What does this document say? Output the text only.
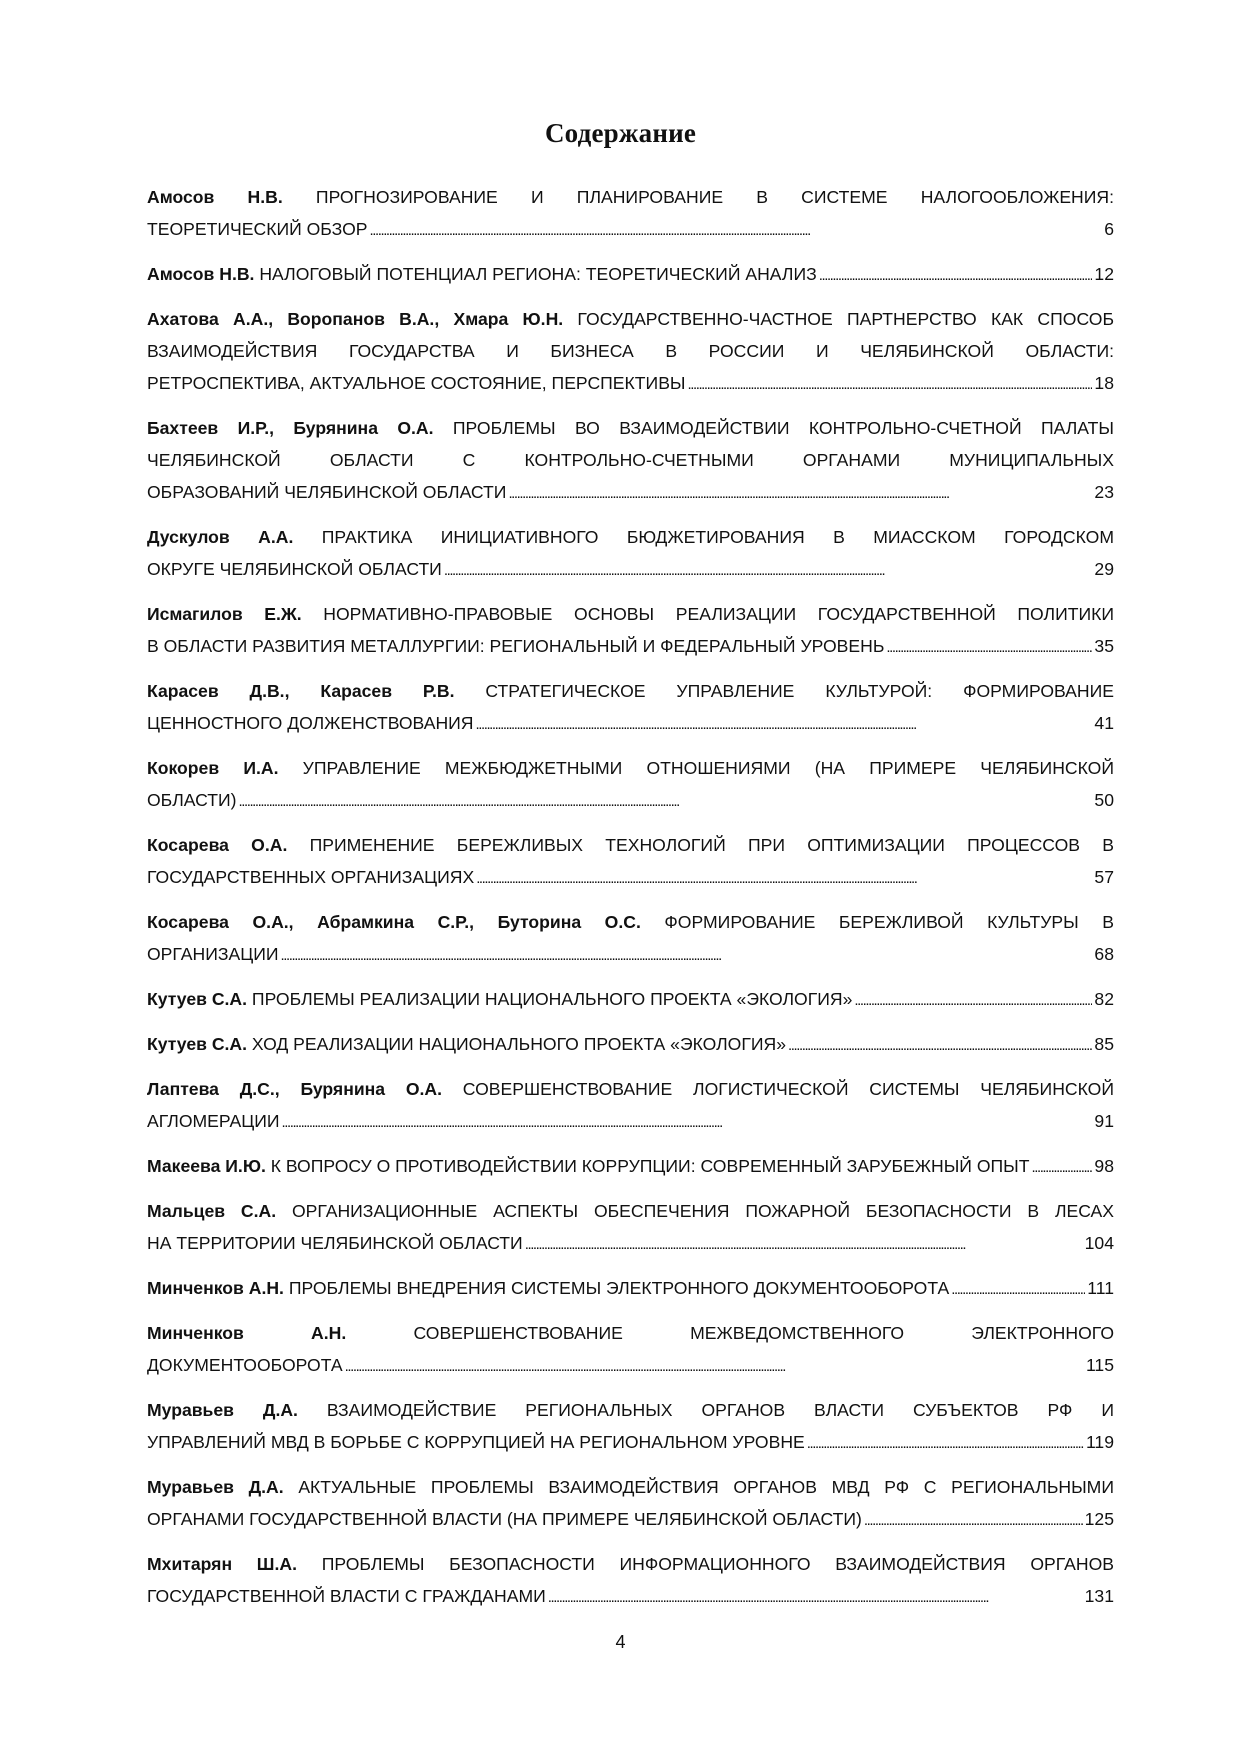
Содержание
Амосов Н.В. ПРОГНОЗИРОВАНИЕ И ПЛАНИРОВАНИЕ В СИСТЕМЕ НАЛОГООБЛОЖЕНИЯ:
ТЕОРЕТИЧЕСКИЙ ОБЗОР . . .	6
Амосов Н.В. НАЛОГОВЫЙ ПОТЕНЦИАЛ РЕГИОНА: ТЕОРЕТИЧЕСКИЙ АНАЛИЗ . . .	12
Ахатова А.А., Воропанов В.А., Хмара Ю.Н. ГОСУДАРСТВЕННО-ЧАСТНОЕ ПАРТНЕРСТВО КАК СПОСОБ
ВЗАИМОДЕЙСТВИЯ ГОСУДАРСТВА И БИЗНЕСА В РОССИИ И ЧЕЛЯБИНСКОЙ ОБЛАСТИ:
РЕТРОСПЕКТИВА, АКТУАЛЬНОЕ СОСТОЯНИЕ, ПЕРСПЕКТИВЫ . . .	18
Бахтеев И.Р., Бурянина О.А. ПРОБЛЕМЫ ВО ВЗАИМОДЕЙСТВИИ КОНТРОЛЬНО-СЧЕТНОЙ ПАЛАТЫ
ЧЕЛЯБИНСКОЙ ОБЛАСТИ С КОНТРОЛЬНО-СЧЕТНЫМИ ОРГАНАМИ МУНИЦИПАЛЬНЫХ
ОБРАЗОВАНИЙ ЧЕЛЯБИНСКОЙ ОБЛАСТИ . . .	23
Дускулов А.А. ПРАКТИКА ИНИЦИАТИВНОГО БЮДЖЕТИРОВАНИЯ В МИАССКОМ ГОРОДСКОМ
ОКРУГЕ ЧЕЛЯБИНСКОЙ ОБЛАСТИ . . .	29
Исмагилов Е.Ж. НОРМАТИВНО-ПРАВОВЫЕ ОСНОВЫ РЕАЛИЗАЦИИ ГОСУДАРСТВЕННОЙ ПОЛИТИКИ
В ОБЛАСТИ РАЗВИТИЯ МЕТАЛЛУРГИИ: РЕГИОНАЛЬНЫЙ И ФЕДЕРАЛЬНЫЙ УРОВЕНЬ . . .	35
Карасев Д.В., Карасев Р.В. СТРАТЕГИЧЕСКОЕ УПРАВЛЕНИЕ КУЛЬТУРОЙ: ФОРМИРОВАНИЕ
ЦЕННОСТНОГО ДОЛЖЕНСТВОВАНИЯ . . .	41
Кокорев И.А. УПРАВЛЕНИЕ МЕЖБЮДЖЕТНЫМИ ОТНОШЕНИЯМИ (НА ПРИМЕРЕ ЧЕЛЯБИНСКОЙ
ОБЛАСТИ) . . .	50
Косарева О.А. ПРИМЕНЕНИЕ БЕРЕЖЛИВЫХ ТЕХНОЛОГИЙ ПРИ ОПТИМИЗАЦИИ ПРОЦЕССОВ В
ГОСУДАРСТВЕННЫХ ОРГАНИЗАЦИЯХ . . .	57
Косарева О.А., Абрамкина С.Р., Буторина О.С. ФОРМИРОВАНИЕ БЕРЕЖЛИВОЙ КУЛЬТУРЫ В
ОРГАНИЗАЦИИ . . .	68
Кутуев С.А. ПРОБЛЕМЫ РЕАЛИЗАЦИИ НАЦИОНАЛЬНОГО ПРОЕКТА «ЭКОЛОГИЯ» . . .	82
Кутуев С.А. ХОД РЕАЛИЗАЦИИ НАЦИОНАЛЬНОГО ПРОЕКТА «ЭКОЛОГИЯ» . . .	85
Лаптева Д.С., Бурянина О.А. СОВЕРШЕНСТВОВАНИЕ ЛОГИСТИЧЕСКОЙ СИСТЕМЫ ЧЕЛЯБИНСКОЙ
АГЛОМЕРАЦИИ . . .	91
Макеева И.Ю. К ВОПРОСУ О ПРОТИВОДЕЙСТВИИ КОРРУПЦИИ: СОВРЕМЕННЫЙ ЗАРУБЕЖНЫЙ ОПЫТ . . .	98
Мальцев С.А. ОРГАНИЗАЦИОННЫЕ АСПЕКТЫ ОБЕСПЕЧЕНИЯ ПОЖАРНОЙ БЕЗОПАСНОСТИ В ЛЕСАХ
НА ТЕРРИТОРИИ ЧЕЛЯБИНСКОЙ ОБЛАСТИ . . .	104
Минченков А.Н. ПРОБЛЕМЫ ВНЕДРЕНИЯ СИСТЕМЫ ЭЛЕКТРОННОГО ДОКУМЕНТООБОРОТА . . .	111
Минченков А.Н. СОВЕРШЕНСТВОВАНИЕ МЕЖВЕДОМСТВЕННОГО ЭЛЕКТРОННОГО
ДОКУМЕНТООБОРОТА . . .	115
Муравьев Д.А. ВЗАИМОДЕЙСТВИЕ РЕГИОНАЛЬНЫХ ОРГАНОВ ВЛАСТИ СУБЪЕКТОВ РФ И
УПРАВЛЕНИЙ МВД В БОРЬБЕ С КОРРУПЦИЕЙ НА РЕГИОНАЛЬНОМ УРОВНЕ . . .	119
Муравьев Д.А. АКТУАЛЬНЫЕ ПРОБЛЕМЫ ВЗАИМОДЕЙСТВИЯ ОРГАНОВ МВД РФ С РЕГИОНАЛЬНЫМИ
ОРГАНАМИ ГОСУДАРСТВЕННОЙ ВЛАСТИ (НА ПРИМЕРЕ ЧЕЛЯБИНСКОЙ ОБЛАСТИ) . . .	125
Мхитарян Ш.А. ПРОБЛЕМЫ БЕЗОПАСНОСТИ ИНФОРМАЦИОННОГО ВЗАИМОДЕЙСТВИЯ ОРГАНОВ
ГОСУДАРСТВЕННОЙ ВЛАСТИ С ГРАЖДАНАМИ . . .	131
4
